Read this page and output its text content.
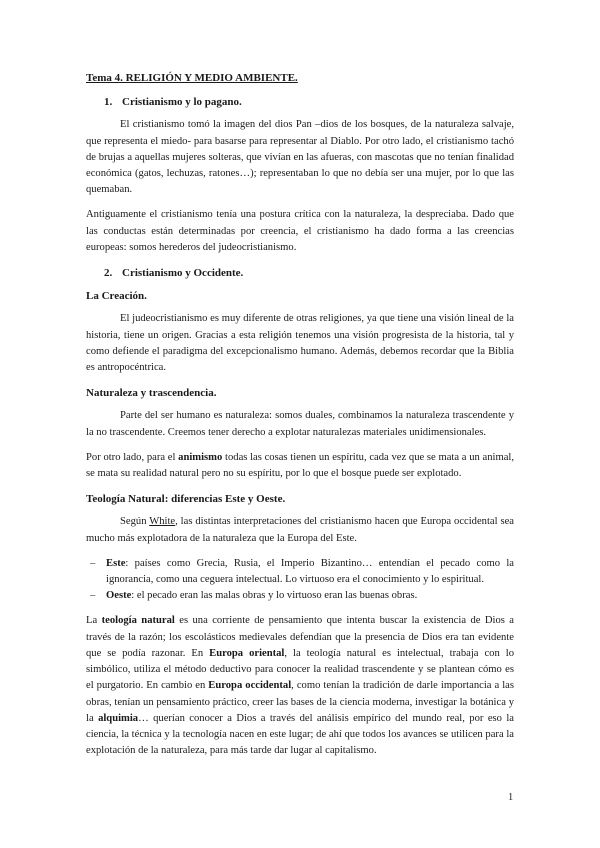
Tema 4. RELIGIÓN Y MEDIO AMBIENTE.

1. Cristianismo y lo pagano.

El cristianismo tomó la imagen del dios Pan –dios de los bosques, de la naturaleza salvaje, que representa el miedo- para basarse para representar al Diablo. Por otro lado, el cristianismo tachó de brujas a aquellas mujeres solteras, que vivían en las afueras, con mascotas que no tenían finalidad económica (gatos, lechuzas, ratones…); representaban lo que no debía ser una mujer, por lo que las quemaban.

Antiguamente el cristianismo tenía una postura crítica con la naturaleza, la despreciaba. Dado que las conductas están determinadas por creencia, el cristianismo ha dado forma a las creencias europeas: somos herederos del judeocristianismo.

2. Cristianismo y Occidente.

La Creación.

El judeocristianismo es muy diferente de otras religiones, ya que tiene una visión lineal de la historia, tiene un origen. Gracias a esta religión tenemos una visión progresista de la historia, tal y como defiende el paradigma del excepcionalismo humano. Además, debemos recordar que la Biblia es antropocéntrica.

Naturaleza y trascendencia.

Parte del ser humano es naturaleza: somos duales, combinamos la naturaleza trascendente y la no trascendente. Creemos tener derecho a explotar naturalezas materiales unidimensionales.

Por otro lado, para el animismo todas las cosas tienen un espíritu, cada vez que se mata a un animal, se mata su realidad natural pero no su espíritu, por lo que el bosque puede ser explotado.

Teología Natural: diferencias Este y Oeste.

Según White, las distintas interpretaciones del cristianismo hacen que Europa occidental sea mucho más explotadora de la naturaleza que la Europa del Este.

– Este: países como Grecia, Rusia, el Imperio Bizantino… entendían el pecado como la ignorancia, como una ceguera intelectual. Lo virtuoso era el conocimiento y lo espiritual.

– Oeste: el pecado eran las malas obras y lo virtuoso eran las buenas obras.

La teología natural es una corriente de pensamiento que intenta buscar la existencia de Dios a través de la razón; los escolásticos medievales defendían que la presencia de Dios era tan evidente que se podía razonar. En Europa oriental, la teología natural es intelectual, trabaja con lo simbólico, utiliza el método deductivo para conocer la realidad trascendente y se plantean cómo es el purgatorio. En cambio en Europa occidental, como tenían la tradición de darle importancia a las obras, tenían un pensamiento práctico, creer las bases de la ciencia moderna, investigar la botánica y la alquimia… querían conocer a Dios a través del análisis empírico del mundo real, por eso la ciencia, la técnica y la tecnología nacen en este lugar; de ahí que todos los avances se utilicen para la explotación de la naturaleza, para más tarde dar lugar al capitalismo.

1
